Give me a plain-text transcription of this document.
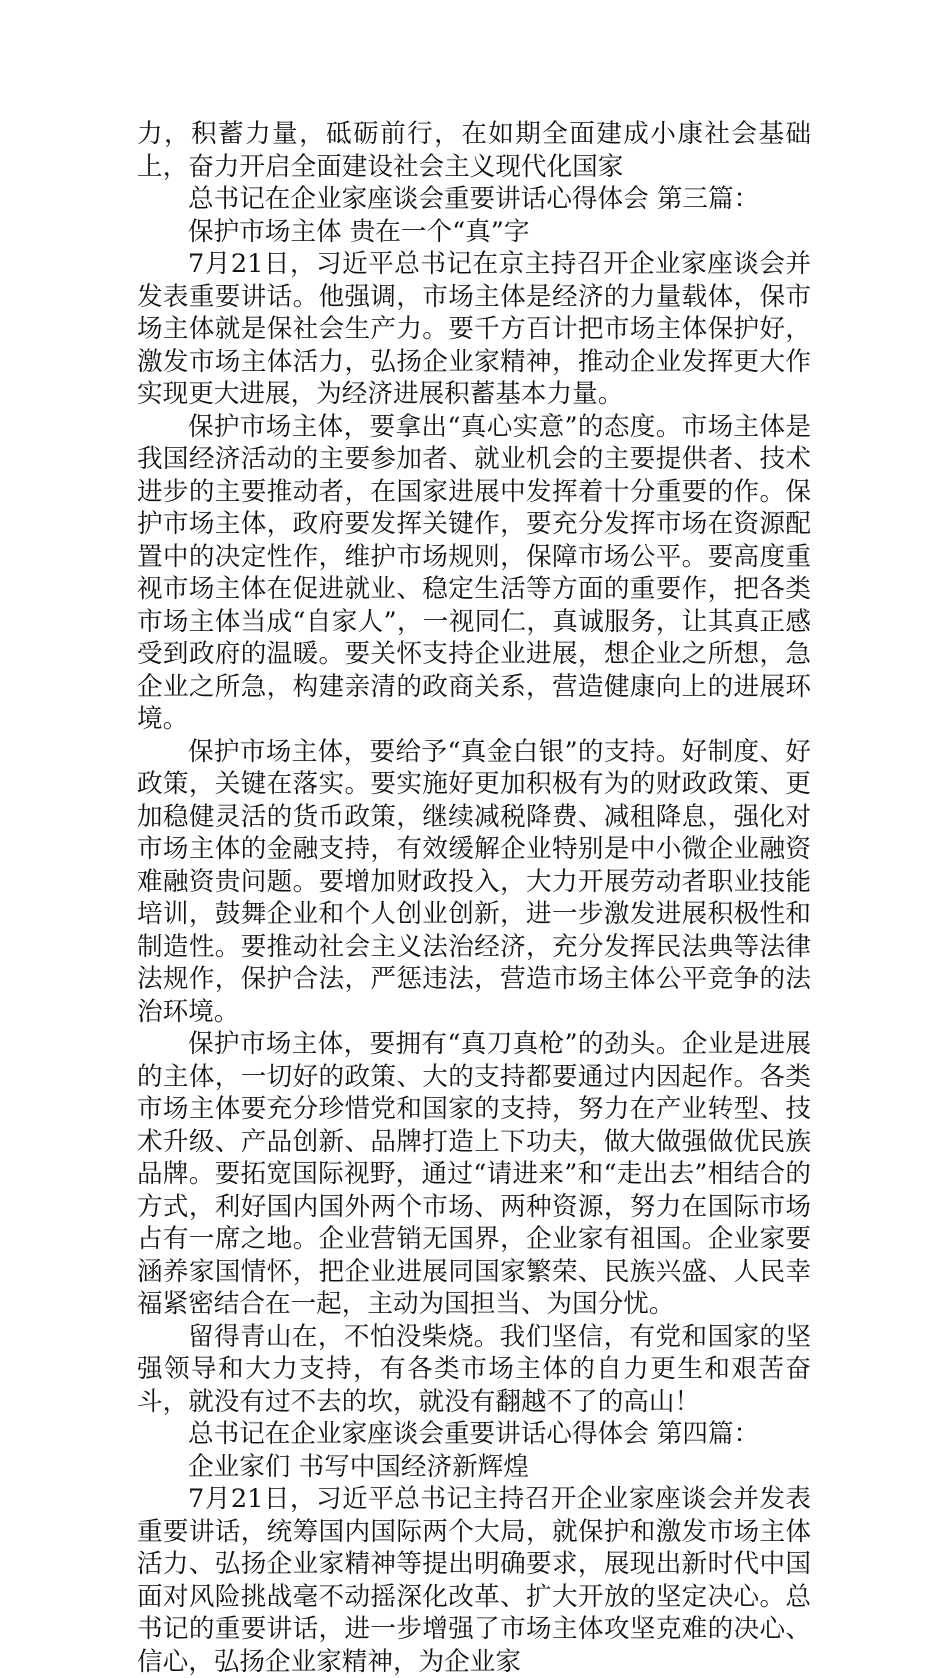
力，积蓄力量，砥砺前行，在如期全面建成小康社会基础上，奋力开启全面建设社会主义现代化国家

总书记在企业家座谈会重要讲话心得体会 第三篇：

保护市场主体 贵在一个“真”字

7月21日，习近平总书记在京主持召开企业家座谈会并发表重要讲话。他强调，市场主体是经济的力量载体，保市场主体就是保社会生产力。要千方百计把市场主体保护好，激发市场主体活力，弘扬企业家精神，推动企业发挥更大作实现更大进展，为经济进展积蓄基本力量。

保护市场主体，要拿出“真心实意”的态度。市场主体是我国经济活动的主要参加者、就业机会的主要提供者、技术进步的主要推动者，在国家进展中发挥着十分重要的作。保护市场主体，政府要发挥关键作，要充分发挥市场在资源配置中的决定性作，维护市场规则，保障市场公平。要高度重视市场主体在促进就业、稳定生活等方面的重要作，把各类市场主体当成“自家人”，一视同仁，真诚服务，让其真正感受到政府的温暖。要关怀支持企业进展，想企业之所想，急企业之所急，构建亲清的政商关系，营造健康向上的进展环境。

保护市场主体，要给予“真金白银”的支持。好制度、好政策，关键在落实。要实施好更加积极有为的财政政策、更加稳健灵活的货币政策，继续减税降费、减租降息，强化对市场主体的金融支持，有效缓解企业特别是中小微企业融资难融资贵问题。要增加财政投入，大力开展劳动者职业技能培训，鼓舞企业和个人创业创新，进一步激发进展积极性和制造性。要推动社会主义法治经济，充分发挥民法典等法律法规作，保护合法，严惩违法，营造市场主体公平竞争的法治环境。

保护市场主体，要拥有“真刀真枪”的劲头。企业是进展的主体，一切好的政策、大的支持都要通过内因起作。各类市场主体要充分珍惜党和国家的支持，努力在产业转型、技术升级、产品创新、品牌打造上下功夫，做大做强做优民族品牌。要拓宽国际视野，通过“请进来”和“走出去”相结合的方式，利好国内国外两个市场、两种资源，努力在国际市场占有一席之地。企业营销无国界，企业家有祖国。企业家要涵养家国情怀，把企业进展同国家繁荣、民族兴盛、人民幸福紧密结合在一起，主动为国担当、为国分忧。

留得青山在，不怕没柴烧。我们坚信，有党和国家的坚强领导和大力支持，有各类市场主体的自力更生和艰苦奋斗，就没有过不去的坎，就没有翻越不了的高山！

总书记在企业家座谈会重要讲话心得体会 第四篇：

企业家们 书写中国经济新辉煌

7月21日，习近平总书记主持召开企业家座谈会并发表重要讲话，统筹国内国际两个大局，就保护和激发市场主体活力、弘扬企业家精神等提出明确要求，展现出新时代中国面对风险挑战毫不动摇深化改革、扩大开放的坚定决心。总书记的重要讲话，进一步增强了市场主体攻坚克难的决心、信心，弘扬企业家精神，为企业家
